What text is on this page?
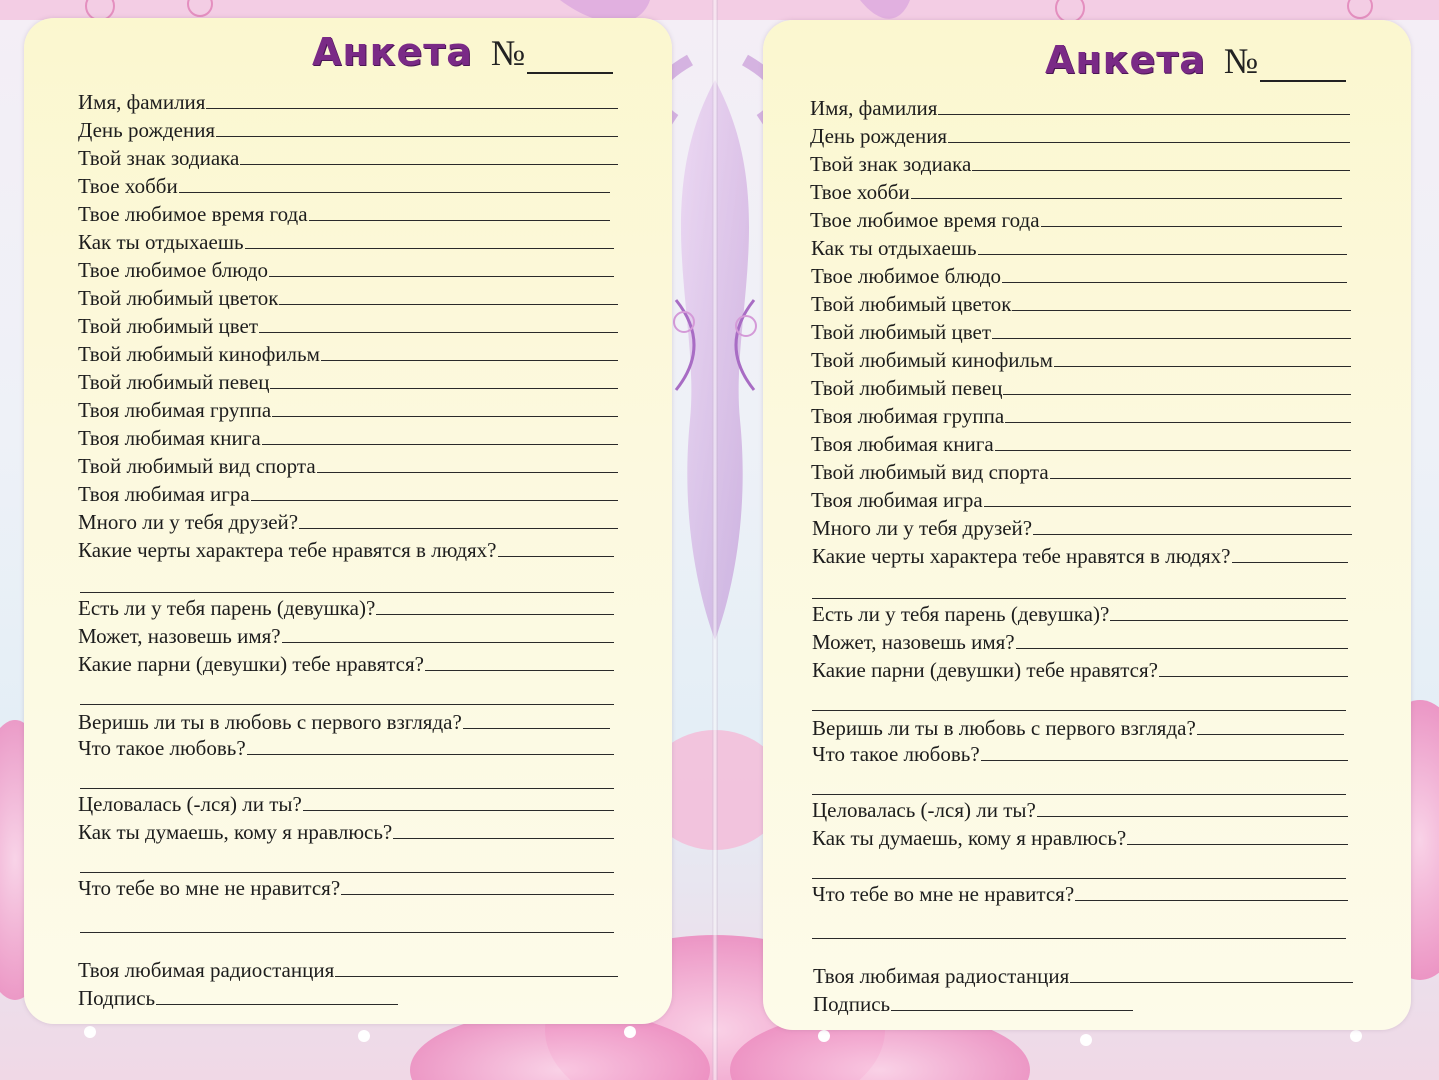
Анкета №
Имя, фамилия
День рождения
Твой знак зодиака
Твое хобби
Твое любимое время года
Как ты отдыхаешь
Твое любимое блюдо
Твой любимый цветок
Твой любимый цвет
Твой любимый кинофильм
Твой любимый певец
Твоя любимая группа
Твоя любимая книга
Твой любимый вид спорта
Твоя любимая игра
Много ли у тебя друзей?
Какие черты характера тебе нравятся в людях?
Есть ли у тебя парень (девушка)?
Может, назовешь имя?
Какие парни (девушки) тебе нравятся?
Веришь ли ты в любовь с первого взгляда?
Что такое любовь?
Целовалась (-лся) ли ты?
Как ты думаешь, кому я нравлюсь?
Что тебе во мне не нравится?
Твоя любимая радиостанция
Подпись
Анкета №
Имя, фамилия
День рождения
Твой знак зодиака
Твое хобби
Твое любимое время года
Как ты отдыхаешь
Твое любимое блюдо
Твой любимый цветок
Твой любимый цвет
Твой любимый кинофильм
Твой любимый певец
Твоя любимая группа
Твоя любимая книга
Твой любимый вид спорта
Твоя любимая игра
Много ли у тебя друзей?
Какие черты характера тебе нравятся в людях?
Есть ли у тебя парень (девушка)?
Может, назовешь имя?
Какие парни (девушки) тебе нравятся?
Веришь ли ты в любовь с первого взгляда?
Что такое любовь?
Целовалась (-лся) ли ты?
Как ты думаешь, кому я нравлюсь?
Что тебе во мне не нравится?
Твоя любимая радиостанция
Подпись
